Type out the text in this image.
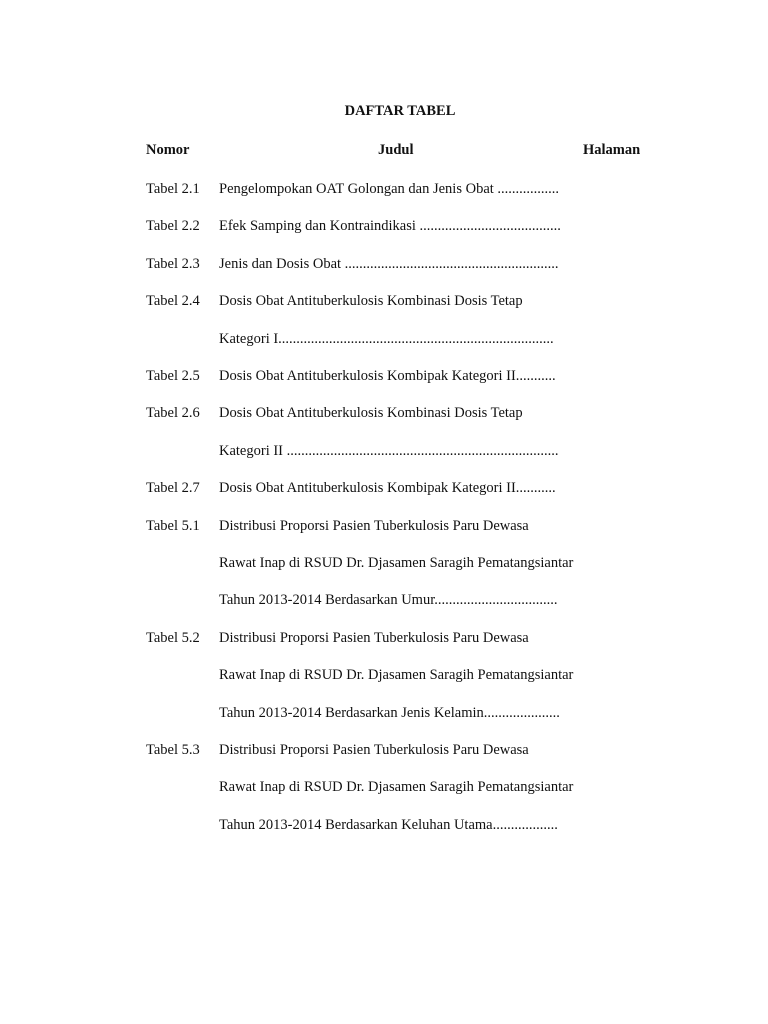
DAFTAR TABEL
Nomor	Judul	Halaman
Tabel 2.1 Pengelompokan OAT Golongan dan Jenis Obat .................
Tabel 2.2 Efek Samping dan Kontraindikasi .......................................
Tabel 2.3 Jenis dan Dosis Obat ...........................................................
Tabel 2.4 Dosis Obat Antituberkulosis Kombinasi Dosis Tetap
Kategori I............................................................................
Tabel 2.5 Dosis Obat Antituberkulosis Kombipak Kategori II...........
Tabel 2.6 Dosis Obat Antituberkulosis Kombinasi Dosis Tetap
Kategori II ...........................................................................
Tabel 2.7 Dosis Obat Antituberkulosis Kombipak Kategori II...........
Tabel 5.1 Distribusi Proporsi Pasien Tuberkulosis Paru Dewasa
Rawat Inap di RSUD Dr. Djasamen Saragih Pematangsiantar
Tahun 2013-2014 Berdasarkan Umur..................................
Tabel 5.2 Distribusi Proporsi Pasien Tuberkulosis Paru Dewasa
Rawat Inap di RSUD Dr. Djasamen Saragih Pematangsiantar
Tahun 2013-2014 Berdasarkan Jenis Kelamin.....................
Tabel 5.3 Distribusi Proporsi Pasien Tuberkulosis Paru Dewasa
Rawat Inap di RSUD Dr. Djasamen Saragih Pematangsiantar
Tahun 2013-2014 Berdasarkan Keluhan Utama..................
